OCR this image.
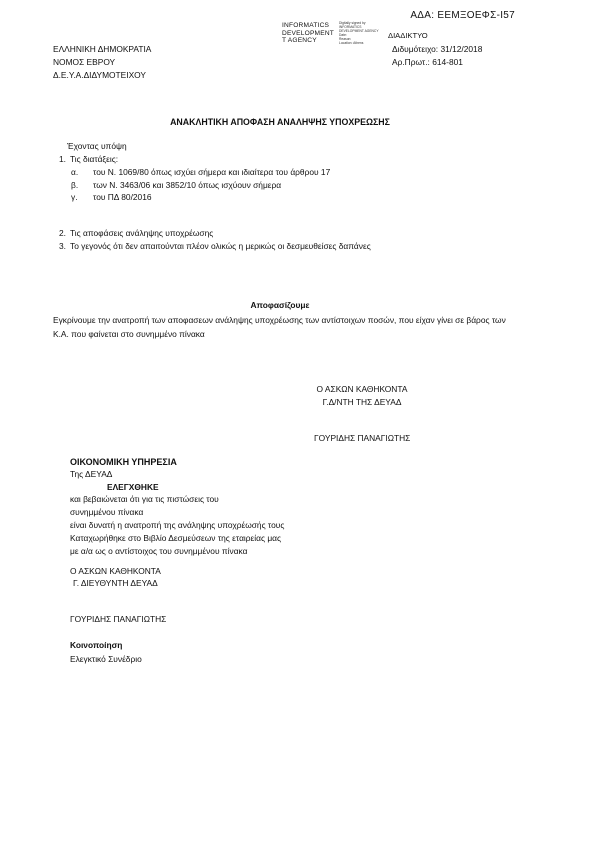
ΑΔΑ: ΕΕΜΞΟΕΦΣ-Ι57
INFORMATICS
DEVELOPMENT
T AGENCY
Digitally signed by
INFORMATICS
DEVELOPMENT AGENCY
Date:
Reason:
Location: Athens
ΔΙΑΔΙΚΤΥΟ
ΕΛΛΗΝΙΚΗ ΔΗΜΟΚΡΑΤΙΑ
ΝΟΜΟΣ ΕΒΡΟΥ
Δ.Ε.Υ.Α.ΔΙΔΥΜΟΤΕΙΧΟΥ
Διδυμότειχο: 31/12/2018
Αρ.Πρωτ.: 614-801
ΑΝΑΚΛΗΤΙΚΗ ΑΠΟΦΑΣΗ ΑΝΑΛΗΨΗΣ ΥΠΟΧΡΕΩΣΗΣ
Έχοντας υπόψη
1. Τις διατάξεις:
α. του Ν. 1069/80 όπως ισχύει σήμερα και ιδιαίτερα του άρθρου 17
β. των Ν. 3463/06 και 3852/10 όπως ισχύουν σήμερα
γ. του ΠΔ 80/2016
2. Τις αποφάσεις ανάληψης υποχρέωσης
3. Το γεγονός ότι δεν απαιτούνται πλέον ολικώς η μερικώς οι δεσμευθείσες δαπάνες
Αποφασίζουμε
Εγκρίνουμε την ανατροπή των αποφασεων ανάληψης υποχρέωσης των αντίστοιχων ποσών, που είχαν γίνει σε βάρος των Κ.Α. που φαίνεται στο συνημμένο πίνακα
Ο ΑΣΚΩΝ ΚΑΘΗΚΟΝΤΑ
Γ.Δ/ΝΤΗ ΤΗΣ ΔΕΥΑΔ
ΓΟΥΡΙΔΗΣ ΠΑΝΑΓΙΩΤΗΣ
ΟΙΚΟΝΟΜΙΚΗ ΥΠΗΡΕΣΙΑ
Της ΔΕΥΑΔ
ΕΛΕΓΧΘΗΚΕ
και βεβαιώνεται ότι για τις πιστώσεις του
συνημμένου πίνακα
είναι δυνατή η ανατροπή της ανάληψης υποχρέωσής τους
Καταχωρήθηκε στο Βιβλίο Δεσμεύσεων της εταιρείας μας
με α/α ως ο αντίστοιχος του συνημμένου πίνακα
Ο ΑΣΚΩΝ ΚΑΘΗΚΟΝΤΑ
Γ. ΔΙΕΥΘΥΝΤΗ ΔΕΥΑΔ
ΓΟΥΡΙΔΗΣ ΠΑΝΑΓΙΩΤΗΣ
Κοινοποίηση
Ελεγκτικό Συνέδριο
